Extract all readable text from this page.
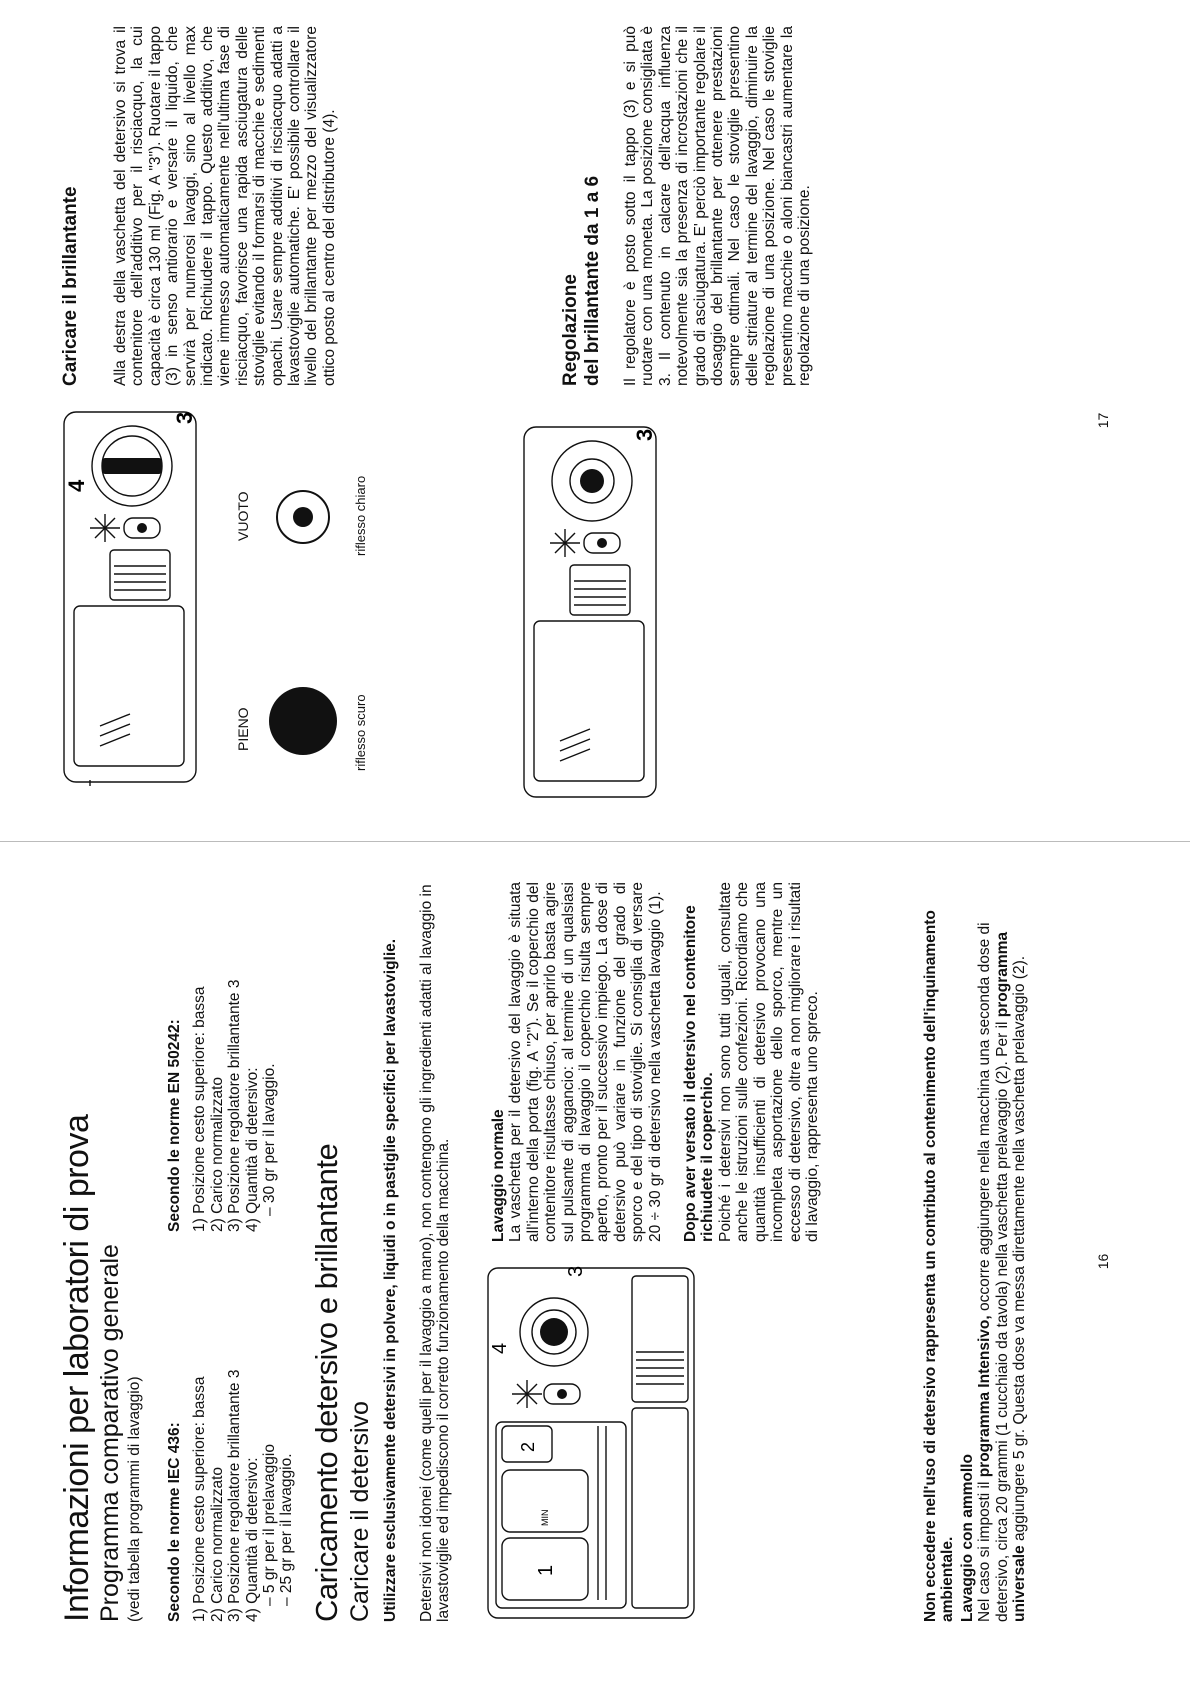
Informazioni per laboratori di prova Programma comparativo generale (vedi tabella programmi di lavaggio) Secondo le norme IEC 436: 1) Posizione cesto superiore: bassa 2) Carico normalizzato 3) Posizione regolatore brillantante 3 4) Quantità di detersivo: – 5 gr per il prelavaggio – 25 gr per il lavaggio.

Secondo le norme EN 50242: 1) Posizione cesto superiore: bassa 2) Carico normalizzato 3) Posizione regolatore brillantante 3 4) Quantità di detersivo: – 30 gr per il lavaggio.
Caricamento detersivo e brillantante Caricare il detersivo Utilizzare esclusivamente detersivi in polvere, liquidi o in pastiglie specifici per lavastoviglie. Detersivi non idonei (come quelli per il lavaggio a mano), non contengono gli ingredienti adatti al lavaggio in lavastoviglie ed impediscono il corretto funzionamento della macchina.	1
2
3
4
MIN

Lavaggio normale La vaschetta per il detersivo del lavaggio è situata all'interno della porta (fig. A "2"). Se il coperchio del contenitore risultasse chiuso, per aprirlo basta agire sul pulsante di aggancio: al termine di un qualsiasi programma di lavaggio il coperchio risulta sempre aperto, pronto per il successivo impiego. La dose di detersivo può variare in funzione del grado di sporco e del tipo di stoviglie. Si consiglia di versare 20 ÷ 30 gr di detersivo nella vaschetta lavaggio (1). Dopo aver versato il detersivo nel contenitore richiudete il coperchio. Poiché i detersivi non sono tutti uguali, consultate anche le istruzioni sulle confezioni. Ricordiamo che quantità insufficienti di detersivo provocano una incompleta asportazione dello sporco, mentre un eccesso di detersivo, oltre a non migliorare i risultati di lavaggio, rappresenta uno spreco.	Non eccedere nell'uso di detersivo rappresenta un contributo al contenimento dell'inquinamento ambientale. Lavaggio con ammollo Nel caso si imposti il programma Intensivo, occorre aggiungere nella macchina una seconda dose di detersivo, circa 20 grammi (1 cucchiaio da tavola) nella vaschetta prelavaggio (2). Per il programma universale aggiungere 5 gr. Questa dose va messa direttamente nella vaschetta prelavaggio (2).	16
4
3
PIENO
VUOTO
riflesso scuro
riflesso chiaro
3
Caricare il brillantante Alla destra della vaschetta del detersivo si trova il contenitore dell'additivo per il risciacquo, la cui capacità è circa 130 ml (Fig. A "3"). Ruotare il tappo (3) in senso antiorario e versare il liquido, che servirà per numerosi lavaggi, sino al livello max indicato. Richiudere il tappo. Questo additivo, che viene immesso automaticamente nell'ultima fase di risciacquo, favorisce una rapida asciugatura delle stoviglie evitando il formarsi di macchie e sedimenti opachi. Usare sempre additivi di risciacquo adatti a lavastoviglie automatiche. E' possibile controllare il livello del brillantante per mezzo del visualizzatore ottico posto al centro del distributore (4).	Regolazione del brillantante da 1 a 6 Il regolatore è posto sotto il tappo (3) e si può ruotare con una moneta. La posizione consigliata è 3. Il contenuto in calcare dell'acqua influenza notevolmente sia la presenza di incrostazioni che il grado di asciugatura. E' perciò importante regolare il dosaggio del brillantante per ottenere prestazioni sempre ottimali. Nel caso le stoviglie presentino delle striature al termine del lavaggio, diminuire la regolazione di una posizione. Nel caso le stoviglie presentino macchie o aloni biancastri aumentare la regolazione di una posizione.

17
